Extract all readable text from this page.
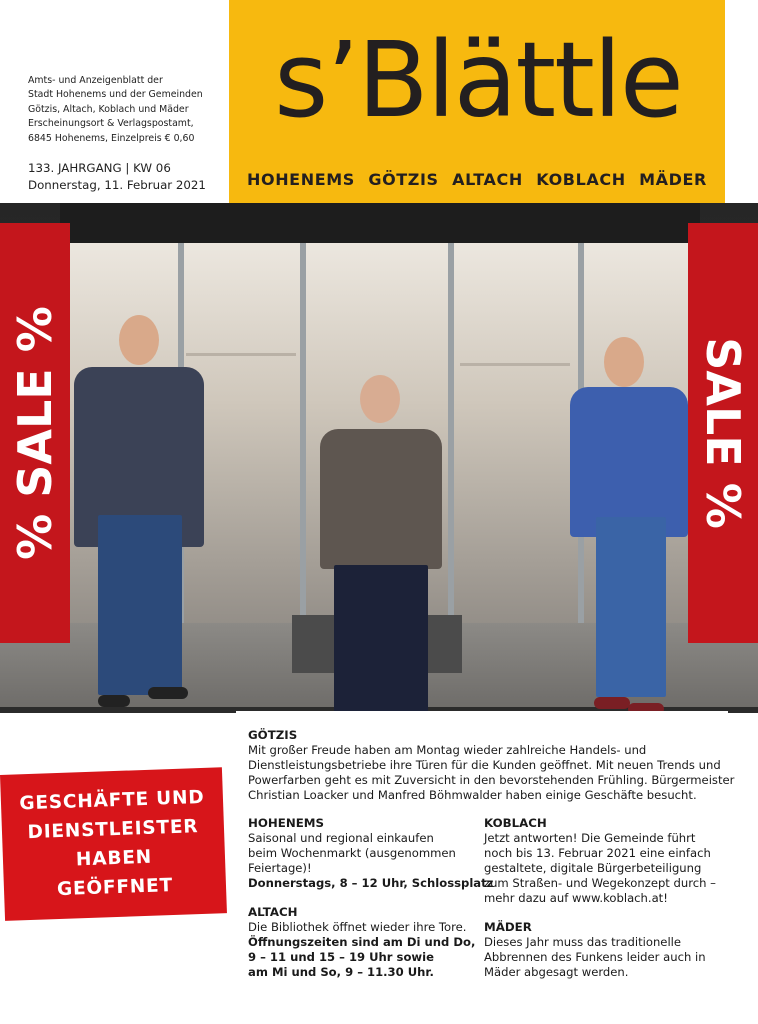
Amts- und Anzeigenblatt der
Stadt Hohenems und der Gemeinden
Götzis, Altach, Koblach und Mäder
Erscheinungsort & Verlagspostamt,
6845 Hohenems, Einzelpreis € 0,60
133. JAHRGANG | KW 06
Donnerstag, 11. Februar 2021
s’Blättle
HOHENEMS GÖTZIS ALTACH KOBLACH MÄDER
% SALE %	SALE %
GESCHÄFTE UND
DIENSTLEISTER
HABEN
GEÖFFNET
GÖTZIS
Mit großer Freude haben am Montag wieder zahlreiche Handels- und
Dienstleistungsbetriebe ihre Türen für die Kunden geöffnet. Mit neuen Trends und
Powerfarben geht es mit Zuversicht in den bevorstehenden Frühling. Bürgermeister
Christian Loacker und Manfred Böhmwalder haben einige Geschäfte besucht.
HOHENEMS
Saisonal und regional einkaufen
beim Wochenmarkt (ausgenommen
Feiertage)!
Donnerstags, 8 – 12 Uhr, Schlossplatz
ALTACH
Die Bibliothek öffnet wieder ihre Tore.
Öffnungszeiten sind am Di und Do,
9 – 11 und 15 – 19 Uhr sowie
am Mi und So, 9 – 11.30 Uhr.
KOBLACH
Jetzt antworten! Die Gemeinde führt
noch bis 13. Februar 2021 eine einfach
gestaltete, digitale Bürgerbeteiligung
zum Straßen- und Wegekonzept durch –
mehr dazu auf www.koblach.at!
MÄDER
Dieses Jahr muss das traditionelle
Abbrennen des Funkens leider auch in
Mäder abgesagt werden.
